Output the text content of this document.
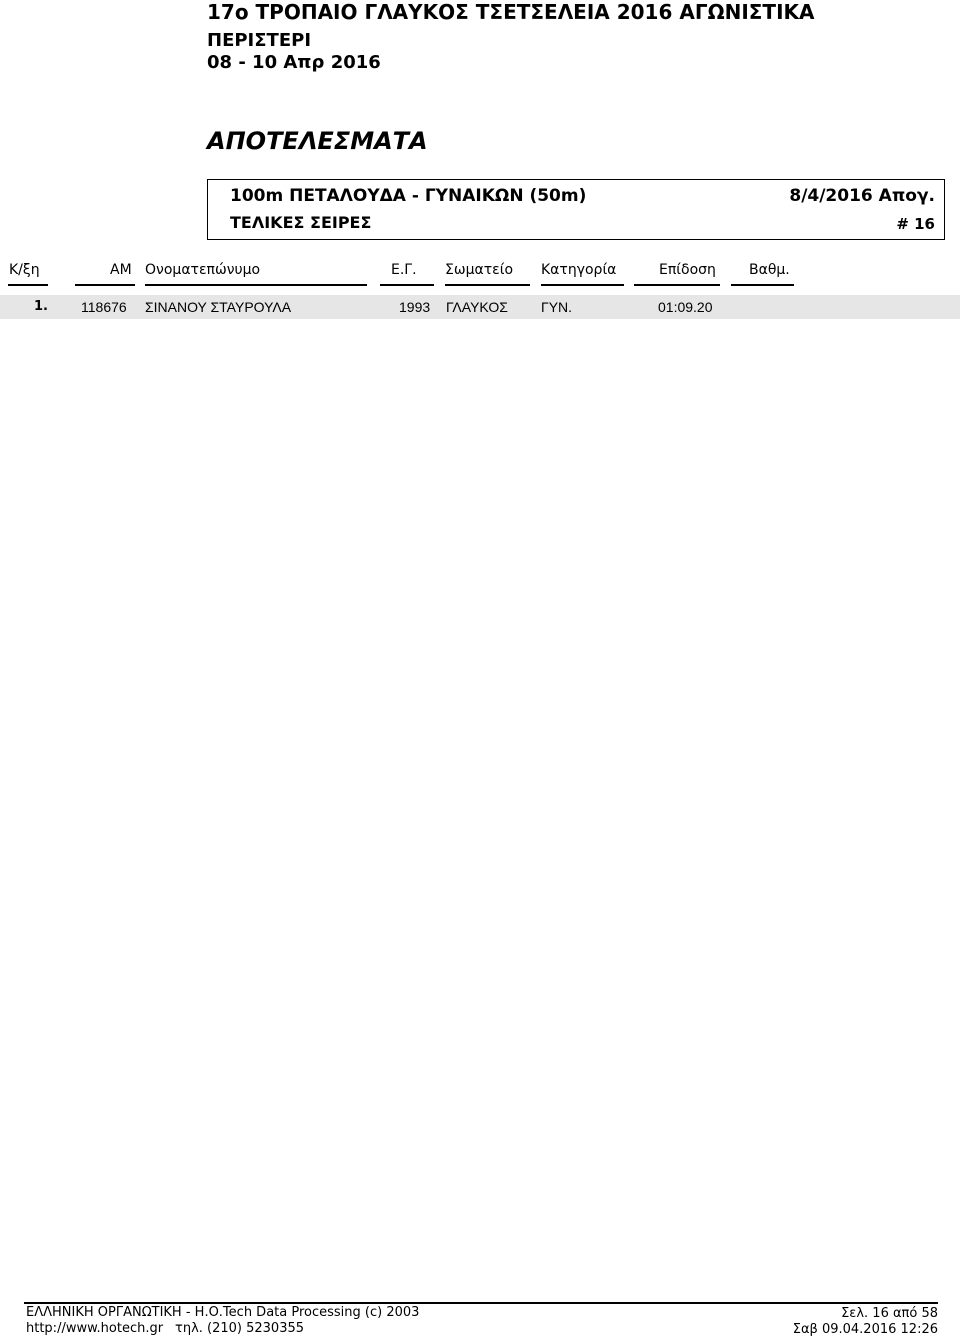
17ο ΤΡΟΠΑΙΟ ΓΛΑΥΚΟΣ ΤΣΕΤΣΕΛΕΙΑ 2016 ΑΓΩΝΙΣΤΙΚΑ
ΠΕΡΙΣΤΕΡΙ
08 - 10 Απρ 2016
ΑΠΟΤΕΛΕΣΜΑΤΑ
100m ΠΕΤΑΛΟΥΔΑ - ΓΥΝΑΙΚΩΝ (50m)	8/4/2016 Απογ.
ΤΕΛΙΚΕΣ ΣΕΙΡΕΣ	# 16
Κ/ξη	ΑΜ Ονοματεπώνυμο	Ε.Γ. Σωματείο Κατηγορία	Επίδοση Βαθμ.
1. 118676 ΣΙΝΑΝΟΥ ΣΤΑΥΡΟΥΛΑ	1993 ΓΛΑΥΚΟΣ ΓΥΝ.	01:09.20
ΕΛΛΗΝΙΚΗ ΟΡΓΑΝΩΤΙΚΗ - Η.Ο.Tech Data Processing (c) 2003
http://www.hotech.gr τηλ. (210) 5230355
Σελ. 16 από 58
Σαβ 09.04.2016 12:26
